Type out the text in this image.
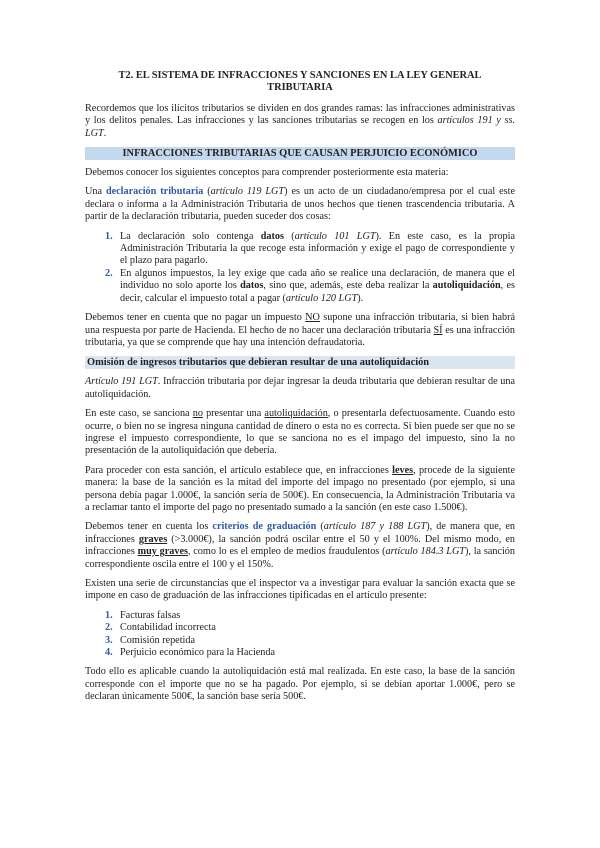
T2. EL SISTEMA DE INFRACCIONES Y SANCIONES EN LA LEY GENERAL TRIBUTARIA

Recordemos que los ilícitos tributarios se dividen en dos grandes ramas: las infracciones administrativas y los delitos penales. Las infracciones y las sanciones tributarias se recogen en los artículos 191 y ss. LGT.

INFRACCIONES TRIBUTARIAS QUE CAUSAN PERJUICIO ECONÓMICO

Debemos conocer los siguientes conceptos para comprender posteriormente esta materia:

Una declaración tributaria (artículo 119 LGT) es un acto de un ciudadano/empresa por el cual este declara o informa a la Administración Tributaria de unos hechos que tienen trascendencia tributaria. A partir de la declaración tributaria, pueden suceder dos cosas:

1. La declaración solo contenga datos (artículo 101 LGT). En este caso, es la propia Administración Tributaria la que recoge esta información y exige el pago de correspondiente y el plazo para pagarlo.
2. En algunos impuestos, la ley exige que cada año se realice una declaración, de manera que el individuo no solo aporte los datos, sino que, además, este deba realizar la autoliquidación, es decir, calcular el impuesto total a pagar (artículo 120 LGT).

Debemos tener en cuenta que no pagar un impuesto NO supone una infracción tributaria, si bien habrá una respuesta por parte de Hacienda. El hecho de no hacer una declaración tributaria SÍ es una infracción tributaria, ya que se comprende que hay una intención defraudatoria.

Omisión de ingresos tributarios que debieran resultar de una autoliquidación

Artículo 191 LGT. Infracción tributaria por dejar ingresar la deuda tributaria que debieran resultar de una autoliquidación.

En este caso, se sanciona no presentar una autoliquidación, o presentarla defectuosamente. Cuando esto ocurre, o bien no se ingresa ninguna cantidad de dinero o esta no es correcta. Si bien puede ser que no se ingrese el impuesto correspondiente, lo que se sanciona no es el impago del impuesto, sino la no presentación de la autoliquidación que debería.

Para proceder con esta sanción, el artículo establece que, en infracciones leves, procede de la siguiente manera: la base de la sanción es la mitad del importe del impago no presentado (por ejemplo, si una persona debía pagar 1.000€, la sanción sería de 500€). En consecuencia, la Administración Tributaria va a reclamar tanto el importe del pago no presentado sumado a la sanción (en este caso 1.500€).

Debemos tener en cuenta los criterios de graduación (artículo 187 y 188 LGT), de manera que, en infracciones graves (>3.000€), la sanción podrá oscilar entre el 50 y el 100%. Del mismo modo, en infracciones muy graves, como lo es el empleo de medios fraudulentos (artículo 184.3 LGT), la sanción correspondiente oscila entre el 100 y el 150%.

Existen una serie de circunstancias que el inspector va a investigar para evaluar la sanción exacta que se impone en caso de graduación de las infracciones tipificadas en el artículo presente:

1. Facturas falsas
2. Contabilidad incorrecta
3. Comisión repetida
4. Perjuicio económico para la Hacienda

Todo ello es aplicable cuando la autoliquidación está mal realizada. En este caso, la base de la sanción corresponde con el importe que no se ha pagado. Por ejemplo, si se debían aportar 1.000€, pero se declaran únicamente 500€, la sanción base sería 500€.
